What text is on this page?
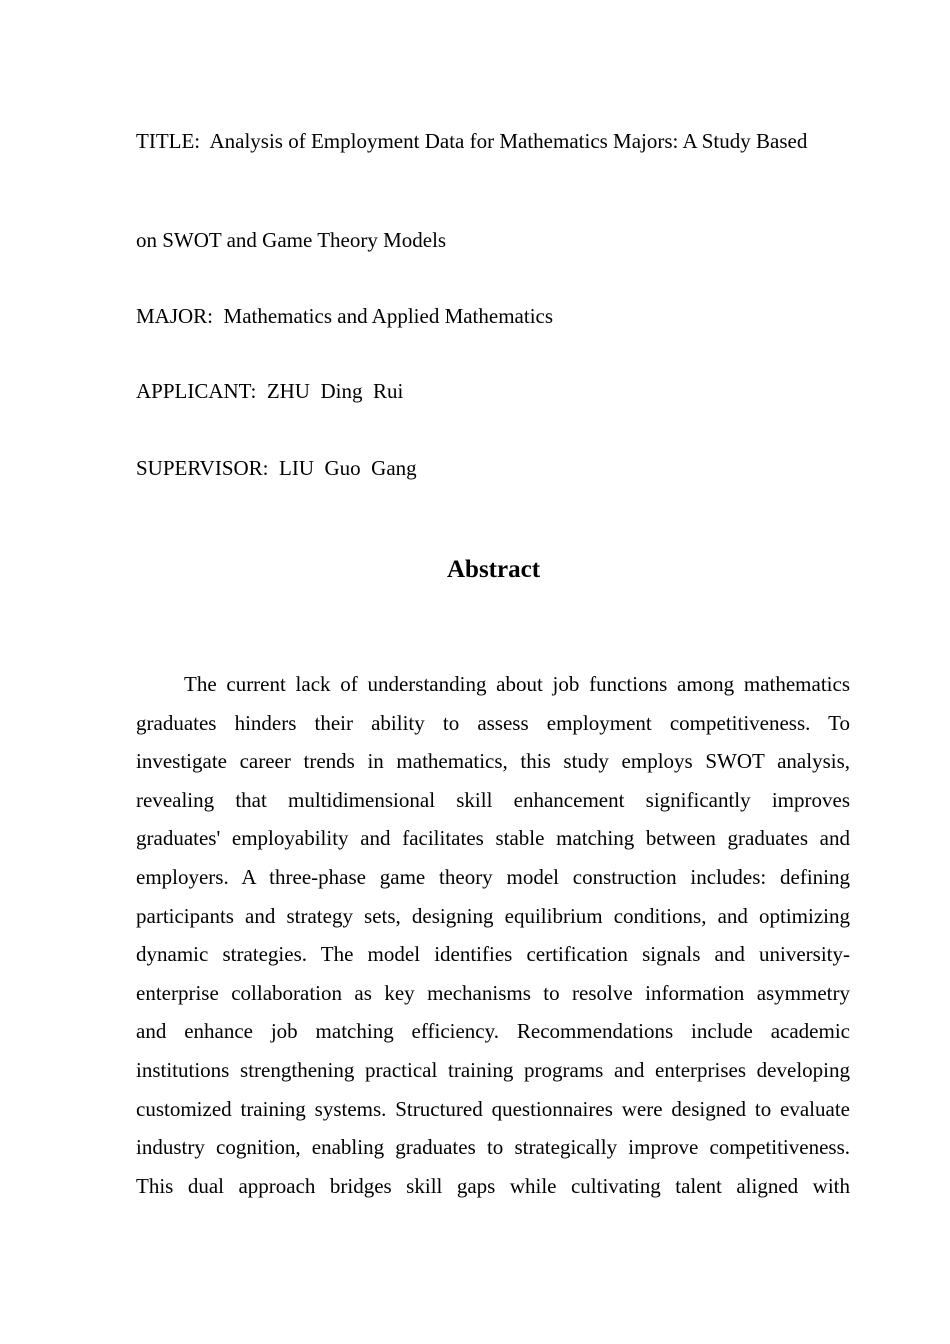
TITLE: Analysis of Employment Data for Mathematics Majors: A Study Based
on SWOT and Game Theory Models
MAJOR: Mathematics and Applied Mathematics
APPLICANT: ZHU  Ding  Rui
SUPERVISOR: LIU  Guo  Gang
Abstract
The current lack of understanding about job functions among mathematics
graduates hinders their ability to assess employment competitiveness. To
investigate career trends in mathematics, this study employs SWOT analysis,
revealing that multidimensional skill enhancement significantly improves
graduates' employability and facilitates stable matching between graduates and
employers. A three-phase game theory model construction includes: defining
participants and strategy sets, designing equilibrium conditions, and optimizing
dynamic strategies. The model identifies certification signals and university-
enterprise collaboration as key mechanisms to resolve information asymmetry
and enhance job matching efficiency. Recommendations include academic
institutions strengthening practical training programs and enterprises developing
customized training systems. Structured questionnaires were designed to evaluate
industry cognition, enabling graduates to strategically improve competitiveness.
This dual approach bridges skill gaps while cultivating talent aligned with
